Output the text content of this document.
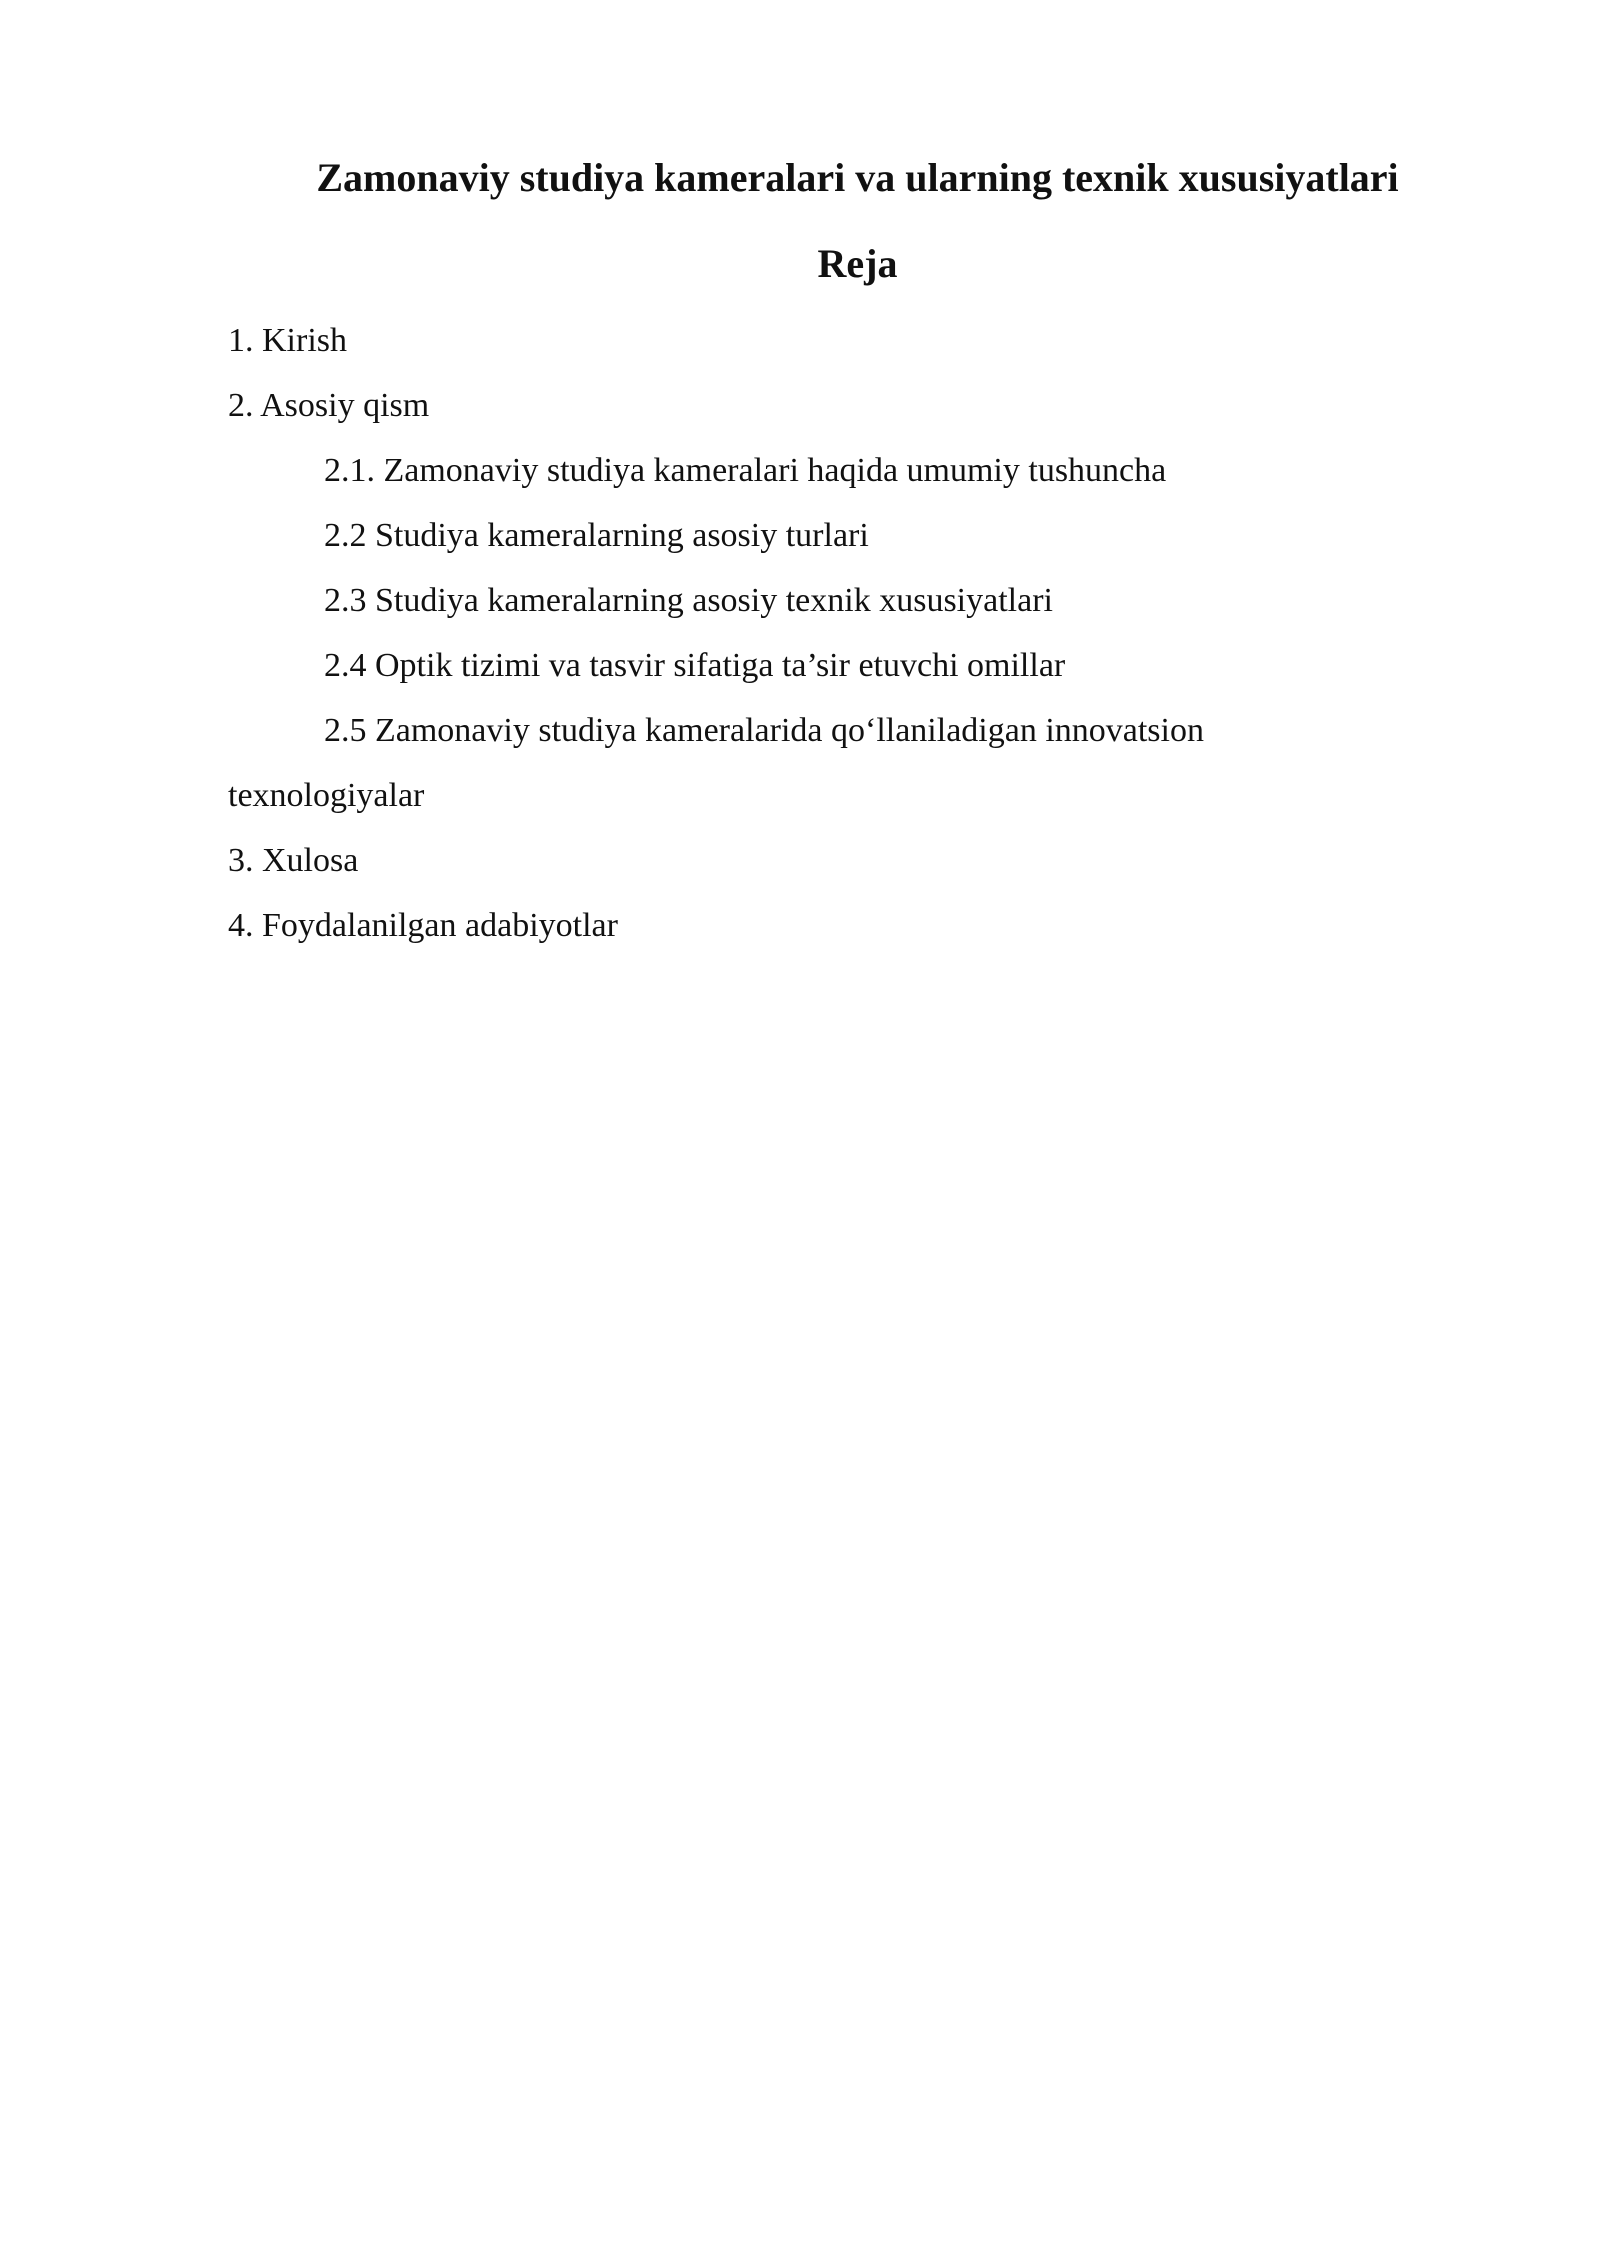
Zamonaviy studiya kameralari va ularning texnik xususiyatlari
Reja
1. Kirish
2. Asosiy qism
2.1. Zamonaviy studiya kameralari haqida umumiy tushuncha
2.2 Studiya kameralarning asosiy turlari
2.3 Studiya kameralarning asosiy texnik xususiyatlari
2.4 Optik tizimi va tasvir sifatiga ta’sir etuvchi omillar
2.5 Zamonaviy studiya kameralarida qo‘llaniladigan innovatsion
texnologiyalar
3. Xulosa
4. Foydalanilgan adabiyotlar
